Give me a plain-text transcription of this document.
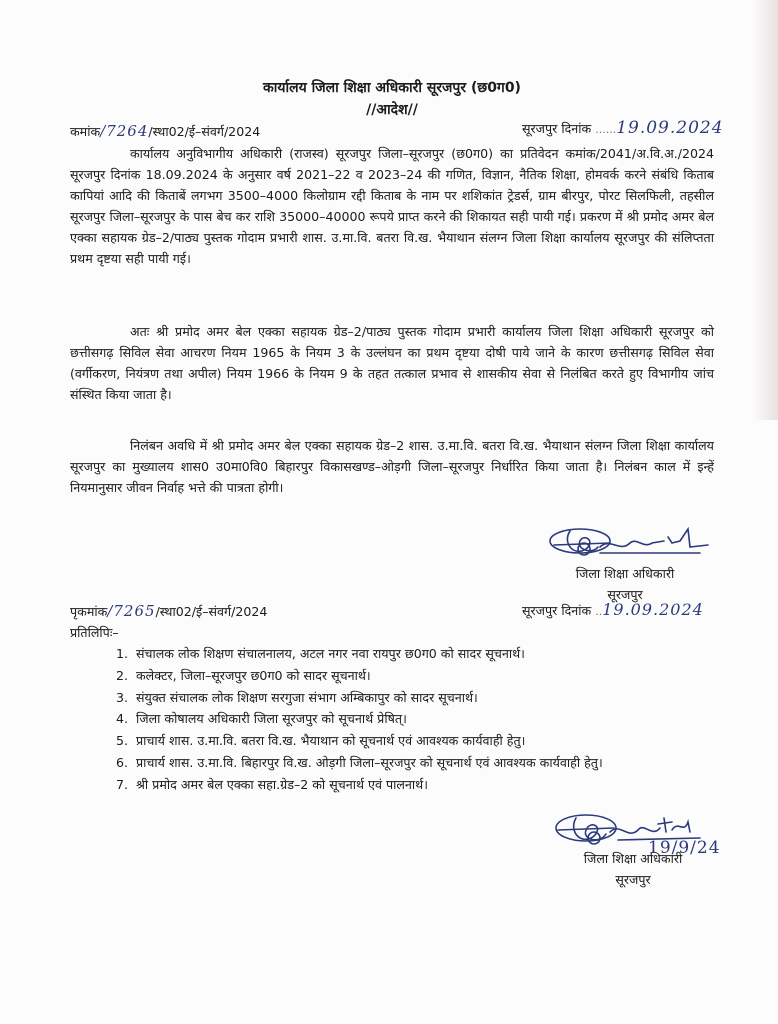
कार्यालय जिला शिक्षा अधिकारी सूरजपुर (छ0ग0)
//आदेश//
कमांक/7264/स्था02/ई–संवर्ग/2024	सूरजपुर दिनांक ......19.09.2024
कार्यालय अनुविभागीय अधिकारी (राजस्व) सूरजपुर जिला–सूरजपुर (छ0ग0) का प्रतिवेदन कमांक/2041/अ.वि.अ./2024 सूरजपुर दिनांक 18.09.2024 के अनुसार वर्ष 2021–22 व 2023–24 की गणित, विज्ञान, नैतिक शिक्षा, होमवर्क करने संबंधि किताब कापियां आदि की किताबें लगभग 3500–4000 किलोग्राम रद्दी किताब के नाम पर शशिकांत ट्रेडर्स, ग्राम बीरपुर, पोरट सिलफिली, तहसील सूरजपुर जिला–सूरजपुर के पास बेच कर राशि 35000–40000 रूपये प्राप्त करने की शिकायत सही पायी गई। प्रकरण में श्री प्रमोद अमर बेल एक्का सहायक ग्रेड–2/पाठ्य पुस्तक गोदाम प्रभारी शास. उ.मा.वि. बतरा वि.ख. भैयाथान संलग्न जिला शिक्षा कार्यालय सूरजपुर की संलिप्तता प्रथम दृष्टया सही पायी गई।
अतः श्री प्रमोद अमर बेल एक्का सहायक ग्रेड–2/पाठ्य पुस्तक गोदाम प्रभारी कार्यालय जिला शिक्षा अधिकारी सूरजपुर को छत्तीसगढ़ सिविल सेवा आचरण नियम 1965 के नियम 3 के उल्लंघन का प्रथम दृष्टया दोषी पाये जाने के कारण छत्तीसगढ़ सिविल सेवा (वर्गीकरण, नियंत्रण तथा अपील) नियम 1966 के नियम 9 के तहत तत्काल प्रभाव से शासकीय सेवा से निलंबित करते हुए विभागीय जांच संस्थित किया जाता है।
निलंबन अवधि में श्री प्रमोद अमर बेल एक्का सहायक ग्रेड–2 शास. उ.मा.वि. बतरा वि.ख. भैयाथान संलग्न जिला शिक्षा कार्यालय सूरजपुर का मुख्यालय शास0 उ0मा0वि0 बिहारपुर विकासखण्ड–ओड़गी जिला–सूरजपुर निर्धारित किया जाता है। निलंबन काल में इन्हें नियमानुसार जीवन निर्वाह भत्ते की पात्रता होगी।
जिला शिक्षा अधिकारी
सूरजपुर
पृकमांक/7265/स्था02/ई–संवर्ग/2024	सूरजपुर दिनांक ..19.09.2024
प्रतिलिपिः–
1. संचालक लोक शिक्षण संचालनालय, अटल नगर नवा रायपुर छ0ग0 को सादर सूचनार्थ।
2. कलेक्टर, जिला–सूरजपुर छ0ग0 को सादर सूचनार्थ।
3. संयुक्त संचालक लोक शिक्षण सरगुजा संभाग अम्बिकापुर को सादर सूचनार्थ।
4. जिला कोषालय अधिकारी जिला सूरजपुर को सूचनार्थ प्रेषित्।
5. प्राचार्य शास. उ.मा.वि. बतरा वि.ख. भैयाथान को सूचनार्थ एवं आवश्यक कार्यवाही हेतु।
6. प्राचार्य शास. उ.मा.वि. बिहारपुर वि.ख. ओड़गी जिला–सूरजपुर को सूचनार्थ एवं आवश्यक कार्यवाही हेतु।
7. श्री प्रमोद अमर बेल एक्का सहा.ग्रेड–2 को सूचनार्थ एवं पालनार्थ।
19/9/24
जिला शिक्षा अधिकारी
सूरजपुर
